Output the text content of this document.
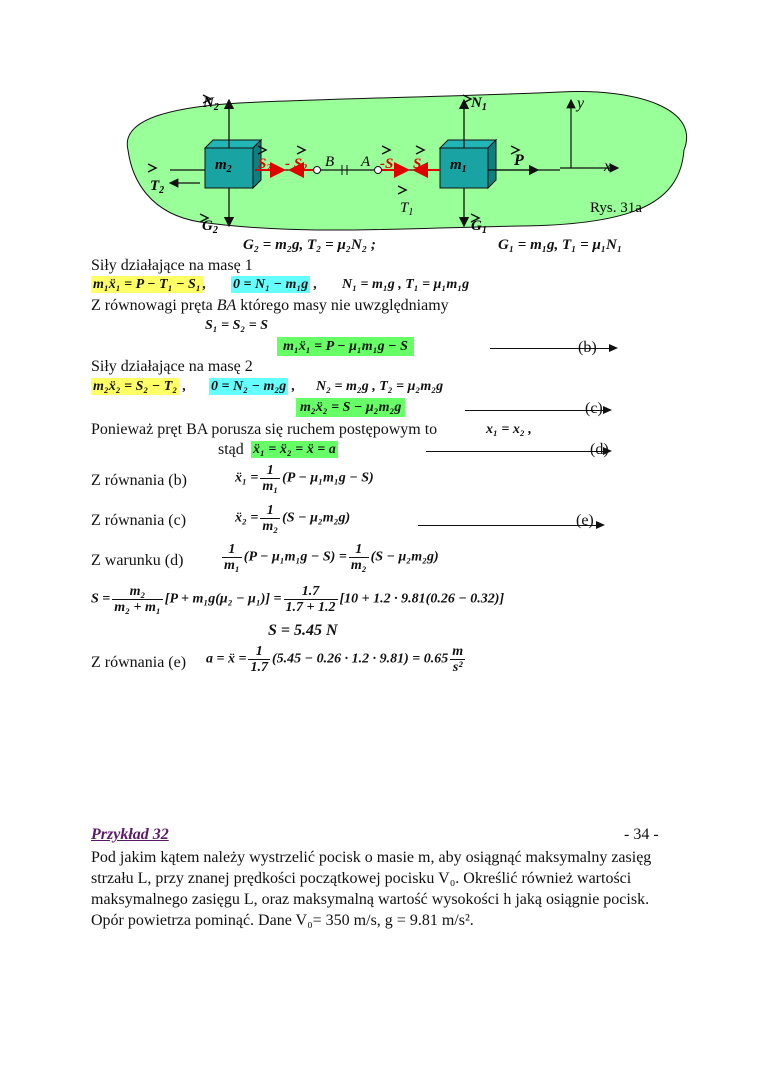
y
x
$N_2$	$N_1$
$m_2$	$m_1$
$S_2 - S_2$ B A $-S_1$ $S_1$	P
$T_2$
$T_1$
$G_2$	$G_1$
Rys. 31a
G₂ = m₂g, T₂ = μ₂N₂ ;	G₁ = m₁g, T₁ = μ₁N₁
Siły działające na masę 1
m₁ẍ₁ = P − T₁ − S₁ , 0 = N₁ − m₁g , N₁ = m₁g , T₁ = μ₁m₁g
Z równowagi pręta BA którego masy nie uwzględniamy
S₁ = S₂ = S
m₁ẍ₁ = P − μ₁m₁g − S	(b)
Siły działające na masę 2
m₂ẍ₂ = S₂ − T₂ , 0 = N₂ − m₂g , N₂ = m₂g , T₂ = μ₂m₂g
m₂ẍ₂ = S − μ₂m₂g	(c)
Ponieważ pręt BA porusza się ruchem postępowym to	x₁ = x₂ ,
stąd ẍ₁ = ẍ₂ = ẍ = a	(d)
Z równania (b)	ẍ₁ = $\frac{1}{\text{m₁}} (P - \mu_1m_1g - S)$
Z równania (c)	ẍ₂ = $\frac{1}{\text{m₂}} (S - \mu_2m_2g)$	(e)
Z warunku (d)	$\frac{1}{\text{m₁}} (P - \mu_1m_1g - S) = \frac{1}{\text{m₂}} (S - \mu_2m_2g)$
$S = \frac{\text{m₂}}{\text{m₂ + m₁}} [P + m_1g(\mu_2 - \mu_1)] = \frac{1.7}{1.7 + 1.2} [10 + 1.2 \cdot 9.81(0.26 - 0.32)]$
S = 5.45 N
Z równania (e) a = ẍ = $\frac{1}{1.7} (5.45 - 0.26 \cdot 1.2 \cdot 9.81) = 0.65 \frac{m}{\text{s²}}$
Przykład 32	- 34 -
Pod jakim kątem należy wystrzelić pocisk o masie m, aby osiągnąć maksymalny zasięg strzału L, przy znanej prędkości początkowej pocisku V₀. Określić również wartości maksymalnego zasięgu L, oraz maksymalną wartość wysokości h jaką osiągnie pocisk. Opór powietrza pominąć. Dane V₀= 350 m/s, g = 9.81 m/s².
